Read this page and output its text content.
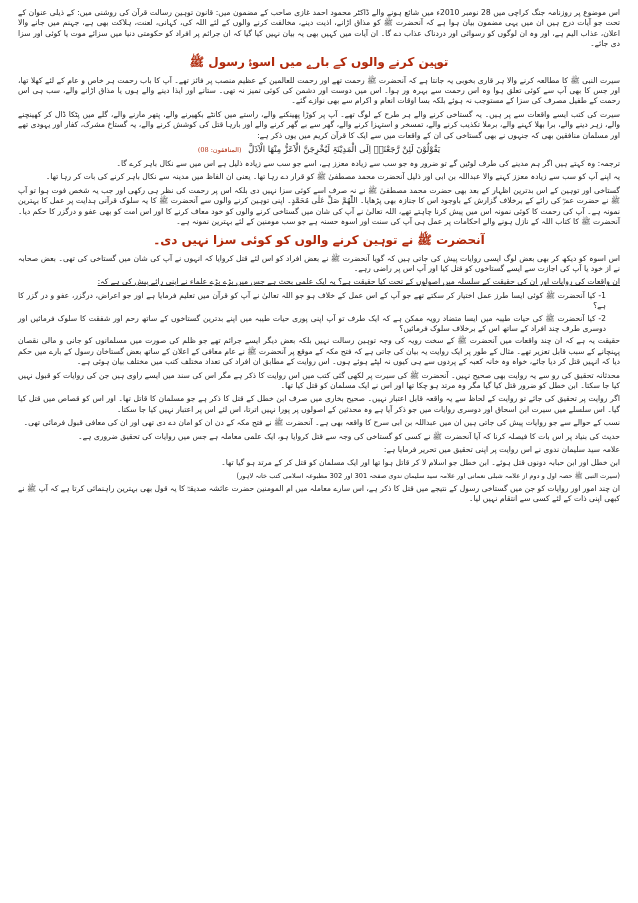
اس موضوع پر روزنامہ جنگ کراچی میں 28 نومبر 2010ء میں شائع ہونے والے ڈاکٹر محمود احمد غازی صاحب کے مضمون میں: قانون توہین رسالت قرآن کی روشنی میں: کے ذیلی عنوان کے تحت جو آیات درج ہیں ان میں یہی مضمون بیان ہوا ہے کہ آنحضرت ﷺ کو مذاق اڑانے، اذیت دینے، مخالفت کرنے والوں کے لئے اللہ کی، کہانی، لعنت، ہلاکت بھی ہے، جہنم میں جانے والا اعلان، عذاب الیم ہے، اور وہ ان لوگوں کو رسوائی اور دردناک عذاب دے گا۔ ان آیات میں کہیں بھی یہ بیان نہیں کیا گیا کہ ان جرائم پر افراد کو حکومتی دنیا میں سزائے موت یا کوئی اور سزا دی جائے۔

توہین کرنے والوں کے بارے میں اسوۂ رسول ﷺ

سیرت النبی ﷺ کا مطالعہ کرنے والا ہر قاری بخوبی یہ جانتا ہے کہ آنحضرت ﷺ رحمت تھے اور رحمت للعالمین کے عظیم منصب پر فائز تھے۔ آپ کا باب رحمت ہر خاص و عام کے لئے کھلا تھا، اور جس کا بھی آپ سے کوئی تعلق ہوا وہ اس رحمت سے بہرہ ور ہوا۔ اس میں دوست اور دشمن کی کوئی تمیز نہ تھی۔ ستانے اور ایذا دینے والے ہوں یا مذاق اڑانے والے، سب ہی اس رحمت کے طفیل مصرف کی سزا کے مستوجب نہ ہوئے بلکہ بسا اوقات انعام و اکرام سے بھی نوازے گئے۔

سیرت کی کتب ایسے واقعات سے پر ہیں۔ یہ گستاخی کرنے والے ہر طرح کے لوگ تھے۔ آپ پر کوڑا پھینکنے والے، راستے میں کانٹے بکھیرنے والے، پتھر مارنے والے، گلے میں پٹکا ڈال کر کھینچنے والے، زہر دینے والے، برا بھلا کہنے والے، برملا تکذیب کرنے والے، تمسخر و استہزا کرنے والے، گھر سے بے گھر کرنے والے اور بارہا قتل کی کوشش کرنے والے، یہ گستاخ مشرک، کفار اور یہودی تھے اور مسلمان منافقین بھی کہ جنہوں نے بھی گستاخی کی ان کے واقعات میں سے ایک کا قرآن کریم میں یوں ذکر ہے:

یَقُوْلُوْنَ لَئِنْ رَّجَعْنَاۤ اِلَی الْمَدِیْنَۃِ لَیُخْرِجَنَّ الْاَعَزُّ مِنْهَا الْاَذَلَّ (المنافقون: 08)

ترجمہ: وہ کہتے ہیں اگر ہم مدینے کی طرف لوٹیں گے تو ضرور وہ جو سب سے زیادہ معزز ہے، اسے جو سب سے زیادہ ذلیل ہے اس میں سے نکال باہر کرے گا۔

یہ اپنے آپ کو سب سے زیادہ معزز کہنے والا عبداللہ بن ابی اور ذلیل آنحضرت محمد مصطفیٰ ﷺ کو قرار دے رہا تھا۔ یعنی ان الفاظ میں مدینہ سے نکال باہر کرنے کی بات کر رہا تھا۔

گستاخی اور توہین کے اس بدترین اظہار کے بعد بھی حضرت محمد مصطفیٰ ﷺ نے نہ صرف اسے کوئی سزا نہیں دی بلکہ اس پر رحمت کی نظر ہی رکھی اور جب یہ شخص فوت ہوا تو آپ ﷺ نے حضرت عمرؓ کی رائے کے برخلاف گزارش کے باوجود اس کا جنازہ بھی پڑھایا۔ اللّٰھُمَّ صَلِّ عَلٰی مُحَمَّدٍ۔ اپنی توہین کرنے والوں سے آنحضرت ﷺ کا یہ سلوک قرآنی ہدایت پر عمل کا بہترین نمونہ ہے۔ آپ کی رحمت کا کوئی نمونہ اس میں پیش کرنا چاہتے تھے، اللہ تعالیٰ نے آپ کی شان میں گستاخی کرنے والوں کو خود معاف کرنے کا اور اس امت کو بھی عفو و درگزر کا حکم دیا۔ آنحضرت ﷺ کا کتاب اللہ کے نازل ہونے والے احکامات پر عمل ہی آپ کی سنت اور اسوہ حسنہ ہے جو سب مومنین کے لئے بہترین نمونہ ہے۔

آنحضرت ﷺ نے توہین کرنے والوں کو کوئی سزا نہیں دی۔

اس اسوہ کو دیکھ کر بھی بعض لوگ ایسی روایات پیش کی جاتی ہیں کہ گویا آنحضرت ﷺ نے بعض افراد کو اس لئے قتل کروایا کہ انہوں نے آپ کی شان میں گستاخی کی تھی۔ بعض صحابہ نے از خود یا آپ کی اجازت سے ایسے گستاخوں کو قتل کیا اور آپ اس پر راضی رہے۔

ان واقعات کی روایات اور ان کی حقیقت کے سلسلہ میں اصولوں کے تحت کیا حقیقت ہے؟ یہ ایک علمی بحث ہے جس میں بڑے بڑے علماء نے اپنی رائے پیش کی ہے کہ:

1- کیا آنحضرت ﷺ کوئی ایسا طرز عمل اختیار کر سکتے تھے جو آپ کے اس عمل کے خلاف ہو جو اللہ تعالیٰ نے آپ کو قرآن میں تعلیم فرمایا ہے اور جو اعراض، درگزر، عفو و در گزر کا ہے؟

2- کیا آنحضرت ﷺ کی حیات طیبہ میں ایسا متضاد رویہ ممکن ہے کہ ایک طرف تو آپ اپنی پوری حیات طیبہ میں اپنے بدترین گستاخوں کے ساتھ رحم اور شفقت کا سلوک فرمائیں اور دوسری طرف چند افراد کے ساتھ اس کے برخلاف سلوک فرمائیں؟

حقیقت یہ ہے کہ ان چند واقعات میں آنحضرت ﷺ کے سخت رویہ کی وجہ توہین رسالت نہیں بلکہ بعض دیگر ایسے جرائم تھے جو ظلم کی صورت میں مسلمانوں کو جانی و مالی نقصان پہنچانے کے سبب قابل تعزیر تھے۔ مثال کے طور پر ایک روایت یہ بیان کی جاتی ہے کہ فتح مکہ کے موقع پر آنحضرت ﷺ نے عام معافی کے اعلان کے ساتھ بعض گستاخان رسول کے بارے میں حکم دیا کہ انہیں قتل کر دیا جائے، خواہ وہ خانہ کعبہ کے پردوں سے ہی کیوں نہ لپٹے ہوئے ہوں۔ اس روایت کے مطابق ان افراد کی تعداد مختلف کتب میں مختلف بیان ہوئی ہے۔

محدثانہ تحقیق کی رو سے یہ روایت بھی صحیح نہیں۔ آنحضرت ﷺ کی سیرت پر لکھی گئی کتب میں اس روایت کا ذکر ہے مگر اس کی سند میں ایسے راوی ہیں جن کی روایات کو قبول نہیں کیا جا سکتا۔ ابن خطل کو ضرور قتل کیا گیا مگر وہ مرتد ہو چکا تھا اور اس نے ایک مسلمان کو قتل کیا تھا۔

اگر روایت پر تحقیق کی جائے تو روایت کے لحاظ سے یہ واقعہ قابل اعتبار نہیں۔ صحیح بخاری میں صرف ابن خطل کے قتل کا ذکر ہے جو مسلمان کا قاتل تھا۔ اور اس کو قصاص میں قتل کیا گیا۔ اس سلسلے میں سیرت ابن اسحاق اور دوسری روایات میں جو ذکر آیا ہے وہ محدثین کے اصولوں پر پورا نہیں اترتا، اس لئے اس پر اعتبار نہیں کیا جا سکتا۔

نسب کے حوالے سے جو روایات پیش کی جاتی ہیں ان میں عبداللہ بن ابی سرح کا واقعہ بھی ہے۔ آنحضرت ﷺ نے فتح مکہ کے دن ان کو امان دے دی تھی اور ان کی معافی قبول فرمائی تھی۔

حدیث کی بنیاد پر اس بات کا فیصلہ کرنا کہ آیا آنحضرت ﷺ نے کسی کو گستاخی کی وجہ سے قتل کروایا ہو، ایک علمی معاملہ ہے جس میں روایات کی تحقیق ضروری ہے۔

علامہ سید سلیمان ندوی نے اس روایت پر اپنی تحقیق میں تحریر فرمایا ہے:

ابن خطل اور ابن حبابہ دونوں قتل ہوئے۔ ابن خطل جو اسلام لا کر قاتل ہوا تھا اور ایک مسلمان کو قتل کر کے مرتد ہو گیا تھا۔

(سیرت النبی ﷺ حصہ اول و دوم از علامہ شبلی نعمانی اور علامہ سید سلیمان ندوی صفحہ 301 اور 302 مطبوعہ اسلامی کتب خانہ لاہور)

ان چند امور اور روایات کو جن میں گستاخی رسول کے نتیجے میں قتل کا ذکر ہے، اس سارے معاملہ میں ام المومنین حضرت عائشہ صدیقہؓ کا یہ قول بھی بہترین راہنمائی کرتا ہے کہ آپ ﷺ نے کبھی اپنی ذات کے لئے کسی سے انتقام نہیں لیا۔
